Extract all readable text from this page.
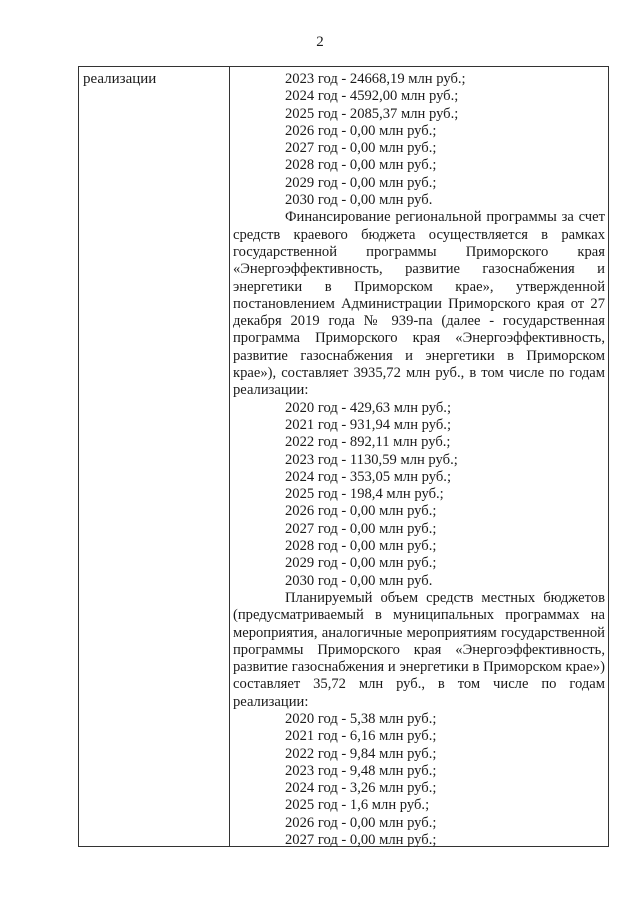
2
реализации	2023 год - 24668,19 млн руб.;
2024 год - 4592,00 млн руб.;
2025 год - 2085,37 млн руб.;
2026 год - 0,00 млн руб.;
2027 год - 0,00 млн руб.;
2028 год - 0,00 млн руб.;
2029 год - 0,00 млн руб.;
2030 год - 0,00 млн руб.

Финансирование региональной программы за счет средств краевого бюджета осуществляется в рамках государственной программы Приморского края «Энергоэффективность, развитие газоснабжения и энергетики в Приморском крае», утвержденной постановлением Администрации Приморского края от 27 декабря 2019 года № 939-па (далее - государственная программа Приморского края «Энергоэффективность, развитие газоснабжения и энергетики в Приморском крае»), составляет 3935,72 млн руб., в том числе по годам реализации:

2020 год - 429,63 млн руб.;
2021 год - 931,94 млн руб.;
2022 год - 892,11 млн руб.;
2023 год - 1130,59 млн руб.;
2024 год - 353,05 млн руб.;
2025 год - 198,4 млн руб.;
2026 год - 0,00 млн руб.;
2027 год - 0,00 млн руб.;
2028 год - 0,00 млн руб.;
2029 год - 0,00 млн руб.;
2030 год - 0,00 млн руб.

Планируемый объем средств местных бюджетов (предусматриваемый в муниципальных программах на мероприятия, аналогичные мероприятиям государственной программы Приморского края «Энергоэффективность, развитие газоснабжения и энергетики в Приморском крае») составляет 35,72 млн руб., в том числе по годам реализации:

2020 год - 5,38 млн руб.;
2021 год - 6,16 млн руб.;
2022 год - 9,84 млн руб.;
2023 год - 9,48 млн руб.;
2024 год - 3,26 млн руб.;
2025 год - 1,6 млн руб.;
2026 год - 0,00 млн руб.;
2027 год - 0,00 млн руб.;
